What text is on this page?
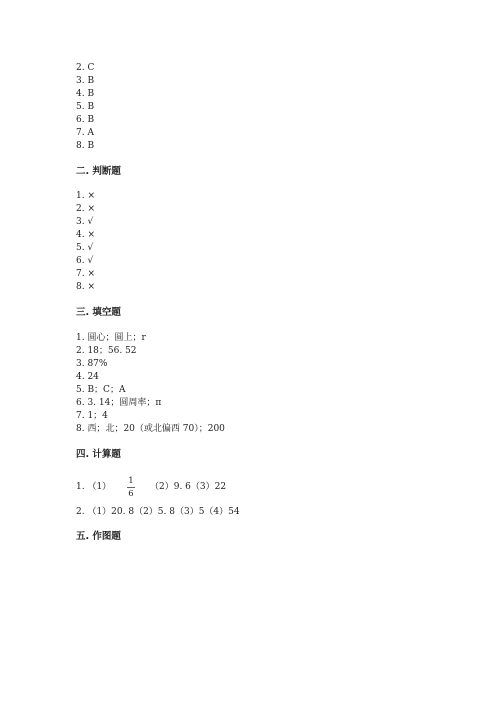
2. C
3. B
4. B
5. B
6. B
7. A
8. B
二. 判断题
1. ×
2. ×
3. √
4. ×
5. √
6. √
7. ×
8. ×
三. 填空题
1. 圆心；圆上；r
2. 18；56. 52
3. 87%
4. 24
5. B；C；A
6. 3. 14；圆周率；π
7. 1；4
8. 西；北；20（或北偏西 70）；200
四. 计算题
1. （1）
1
6
（2）9. 6（3）22
2. （1）20. 8（2）5. 8（3）5（4）54
五. 作图题
